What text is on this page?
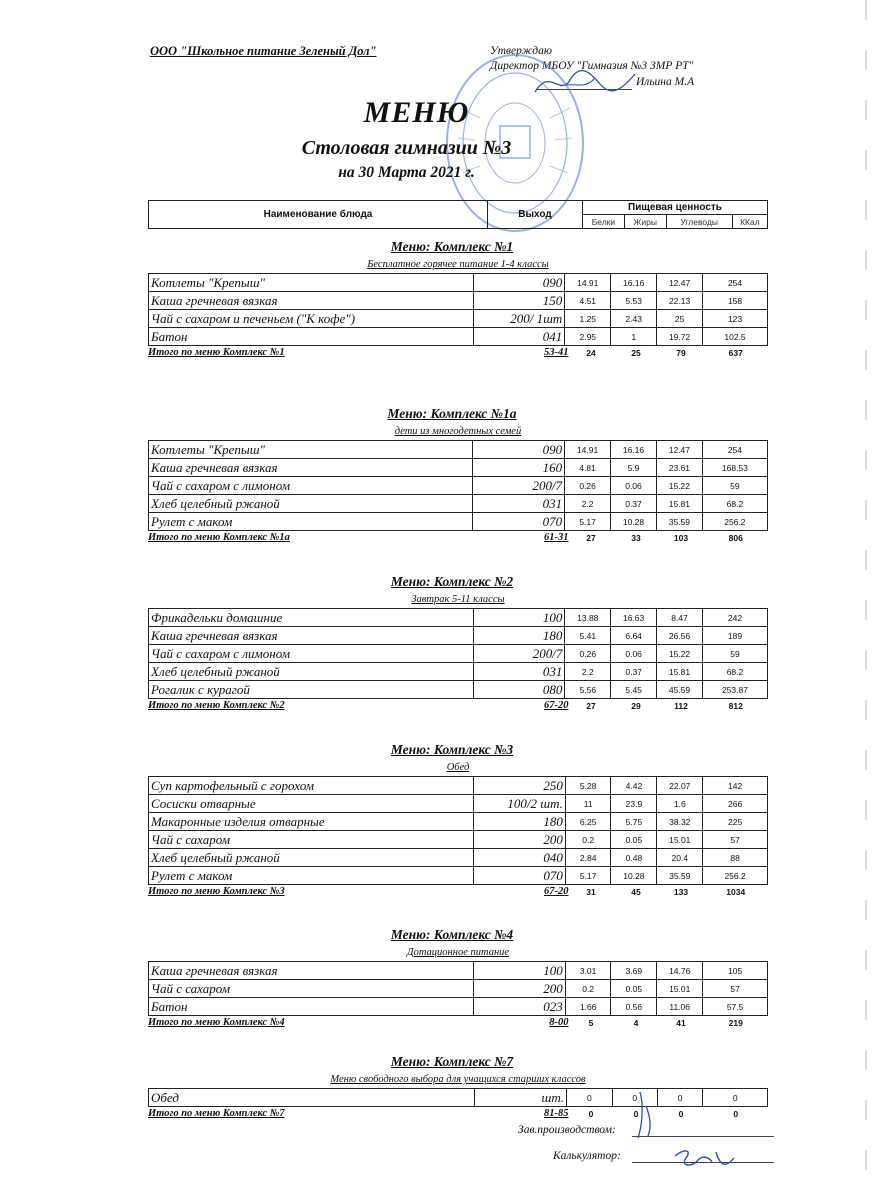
ООО "Школьное питание Зеленый Дол"	Утверждаю
Директор МБОУ "Гимназия №3 ЗМР РТ"
Ильина М.А
МЕНЮ
Столовая гимназии №3
на 30 Марта 2021 г.
Наименование блюда	Выход	Пищевая ценность			
		Белки	Жиры	Углеводы	ККал
Меню: Комплекс №1
Бесплатное горячее питание 1-4 классы
Котлеты "Крепыш"	090	14.91	16.16	12.47	254
Каша гречневая вязкая	150	4.51	5.53	22.13	158
Чай с сахаром и печеньем ("К кофе")	200/ 1шт	1.25	2.43	25	123
Батон	041	2.95	1	19.72	102.5
Итого по меню Комплекс №1	53-41	24	25	79	637
Меню: Комплекс №1а
дети из многодетных семей
Котлеты "Крепыш"	090	14.91	16.16	12.47	254
Каша гречневая вязкая	160	4.81	5.9	23.61	168.53
Чай с сахаром с лимоном	200/7	0.26	0.06	15.22	59
Хлеб целебный ржаной	031	2.2	0.37	15.81	68.2
Рулет с маком	070	5.17	10.28	35.59	256.2
Итого по меню Комплекс №1а	61-31	27	33	103	806
Меню: Комплекс №2
Завтрак 5-11 классы
Фрикадельки домашние	100	13.88	16.63	8.47	242
Каша гречневая вязкая	180	5.41	6.64	26.56	189
Чай с сахаром с лимоном	200/7	0.26	0.06	15.22	59
Хлеб целебный ржаной	031	2.2	0.37	15.81	68.2
Рогалик с курагой	080	5.56	5.45	45.59	253.87
Итого по меню Комплекс №2	67-20	27	29	112	812
Меню: Комплекс №3
Обед
Суп картофельный с горохом	250	5.28	4.42	22.07	142
Сосиски отварные	100/2 шт.	11	23.9	1.6	266
Макаронные изделия отварные	180	6.25	5.75	38.32	225
Чай с сахаром	200	0.2	0.05	15.01	57
Хлеб целебный ржаной	040	2.84	0.48	20.4	88
Рулет с маком	070	5.17	10.28	35.59	256.2
Итого по меню Комплекс №3	67-20	31	45	133	1034
Меню: Комплекс №4
Дотационное питание
Каша гречневая вязкая	100	3.01	3.69	14.76	105
Чай с сахаром	200	0.2	0.05	15.01	57
Батон	023	1.66	0.56	11.06	57.5
Итого по меню Комплекс №4	8-00	5	4	41	219
Меню: Комплекс №7
Меню свободного выбора для учащихся старших классов
Обед	шт.	0	0	0	0
Итого по меню Комплекс №7	81-85	0	0	0	0
Зав.производством:
Калькулятор:
